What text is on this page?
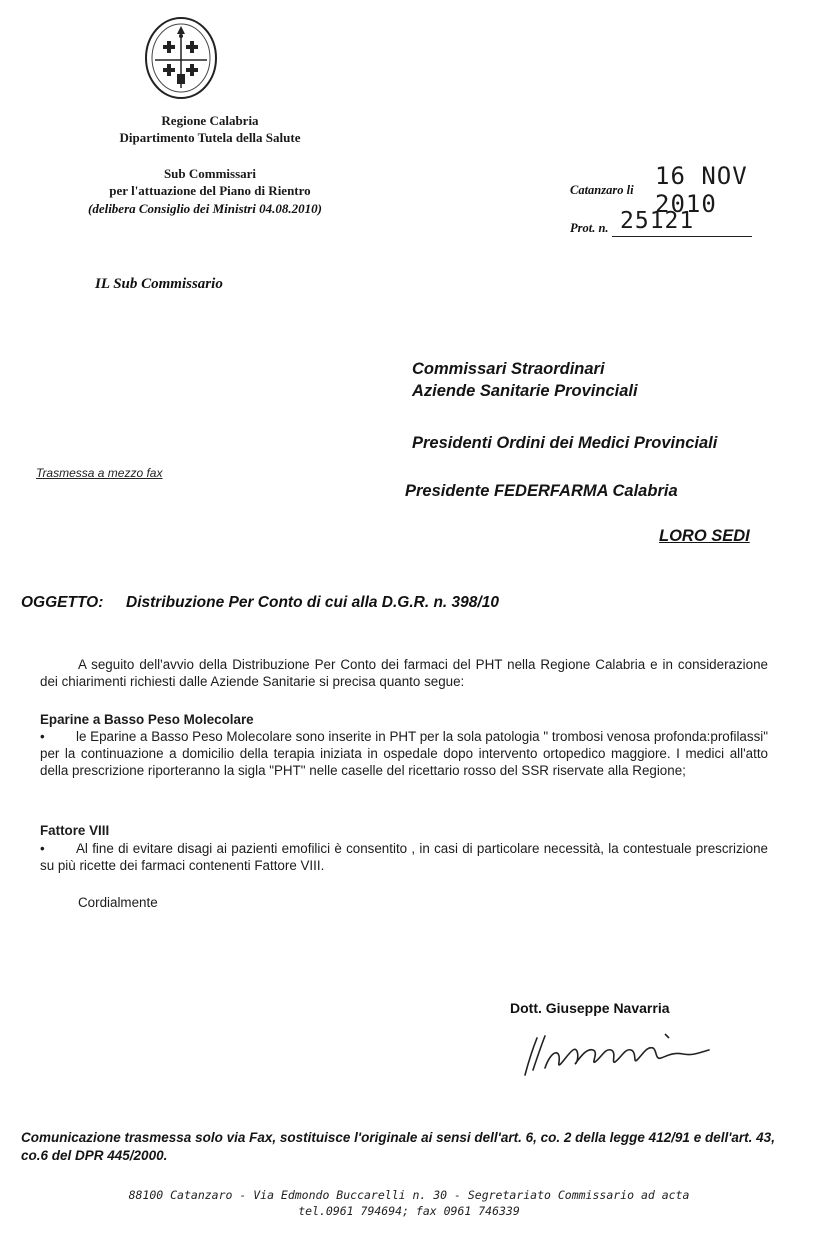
Regione Calabria
Dipartimento Tutela della Salute
Sub Commissari
per l'attuazione del Piano di Rientro
(delibera Consiglio dei Ministri 04.08.2010)
IL Sub Commissario
Catanzaro li 16 NOV 2010
Prot. n. 25121
Commissari Straordinari
Aziende Sanitarie Provinciali
Presidenti Ordini dei Medici Provinciali
Presidente FEDERFARMA Calabria
LORO SEDI
Trasmessa a mezzo fax
OGGETTO: Distribuzione Per Conto di cui alla D.G.R. n. 398/10
A seguito dell'avvio della Distribuzione Per Conto dei farmaci del PHT nella Regione Calabria e in considerazione dei chiarimenti richiesti dalle Aziende Sanitarie si precisa quanto segue:
Eparine a Basso Peso Molecolare
• le Eparine a Basso Peso Molecolare sono inserite in PHT per la sola patologia " trombosi venosa profonda:profilassi" per la continuazione a domicilio della terapia iniziata in ospedale dopo intervento ortopedico maggiore. I medici all'atto della prescrizione riporteranno la sigla "PHT" nelle caselle del ricettario rosso del SSR riservate alla Regione;
Fattore VIII
• Al fine di evitare disagi ai pazienti emofilici è consentito , in casi di particolare necessità, la contestuale prescrizione su più ricette dei farmaci contenenti Fattore VIII.
Cordialmente
Dott. Giuseppe Navarria
Comunicazione trasmessa solo via Fax, sostituisce l'originale ai sensi dell'art. 6, co. 2 della legge 412/91 e dell'art. 43, co.6 del DPR 445/2000.
88100 Catanzaro - Via Edmondo Buccarelli n. 30 - Segretariato Commissario ad acta
tel.0961 794694; fax 0961 746339
